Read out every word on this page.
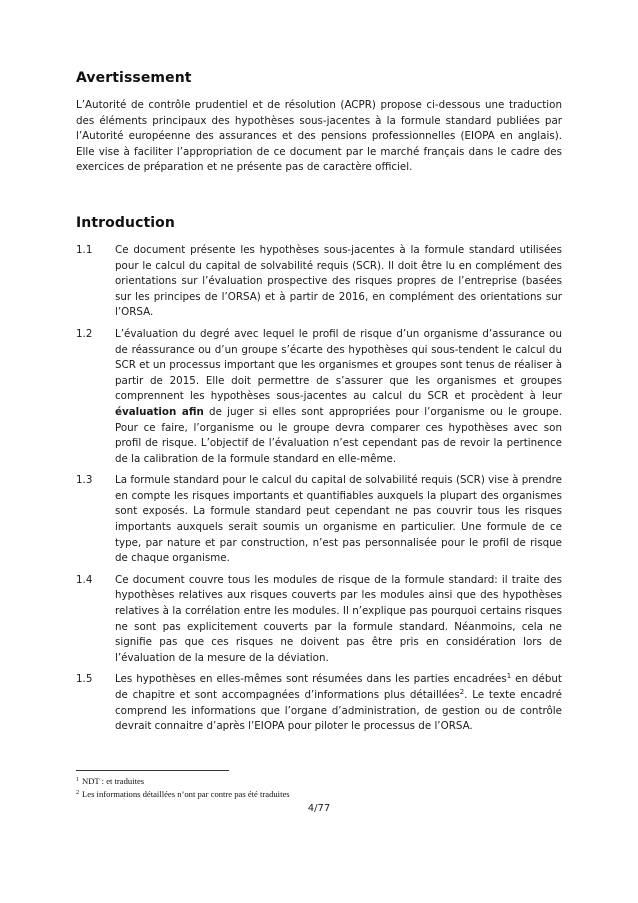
Avertissement

L’Autorité de contrôle prudentiel et de résolution (ACPR) propose ci-dessous une traduction des éléments principaux des hypothèses sous-jacentes à la formule standard publiées par l’Autorité européenne des assurances et des pensions professionnelles (EIOPA en anglais). Elle vise à faciliter l’appropriation de ce document par le marché français dans le cadre des exercices de préparation et ne présente pas de caractère officiel.

Introduction
1.1	Ce document présente les hypothèses sous-jacentes à la formule standard utilisées pour le calcul du capital de solvabilité requis (SCR). Il doit être lu en complément des orientations sur l’évaluation prospective des risques propres de l’entreprise (basées sur les principes de l’ORSA) et à partir de 2016, en complément des orientations sur l’ORSA.

1.2	L’évaluation du degré avec lequel le profil de risque d’un organisme d’assurance ou de réassurance ou d’un groupe s’écarte des hypothèses qui sous-tendent le calcul du SCR et un processus important que les organismes et groupes sont tenus de réaliser à partir de 2015. Elle doit permettre de s’assurer que les organismes et groupes comprennent les hypothèses sous-jacentes au calcul du SCR et procèdent à leur évaluation afin de juger si elles sont appropriées pour l’organisme ou le groupe. Pour ce faire, l’organisme ou le groupe devra comparer ces hypothèses avec son profil de risque. L’objectif de l’évaluation n’est cependant pas de revoir la pertinence de la calibration de la formule standard en elle-même.

1.3	La formule standard pour le calcul du capital de solvabilité requis (SCR) vise à prendre en compte les risques importants et quantifiables auxquels la plupart des organismes sont exposés. La formule standard peut cependant ne pas couvrir tous les risques importants auxquels serait soumis un organisme en particulier. Une formule de ce type, par nature et par construction, n’est pas personnalisée pour le profil de risque de chaque organisme.

1.4	Ce document couvre tous les modules de risque de la formule standard: il traite des hypothèses relatives aux risques couverts par les modules ainsi que des hypothèses relatives à la corrélation entre les modules. Il n’explique pas pourquoi certains risques ne sont pas explicitement couverts par la formule standard. Néanmoins, cela ne signifie pas que ces risques ne doivent pas être pris en considération lors de l’évaluation de la mesure de la déviation.

1.5	Les hypothèses en elles-mêmes sont résumées dans les parties encadrées$^1$ en début de chapitre et sont accompagnées d’informations plus détaillées$^2$. Le texte encadré comprend les informations que l’organe d’administration, de gestion ou de contrôle devrait connaitre d’après l’EIOPA pour piloter le processus de l’ORSA.

$^1$ NDT : et traduites
$^2$ Les informations détaillées n’ont par contre pas été traduites
4/77
